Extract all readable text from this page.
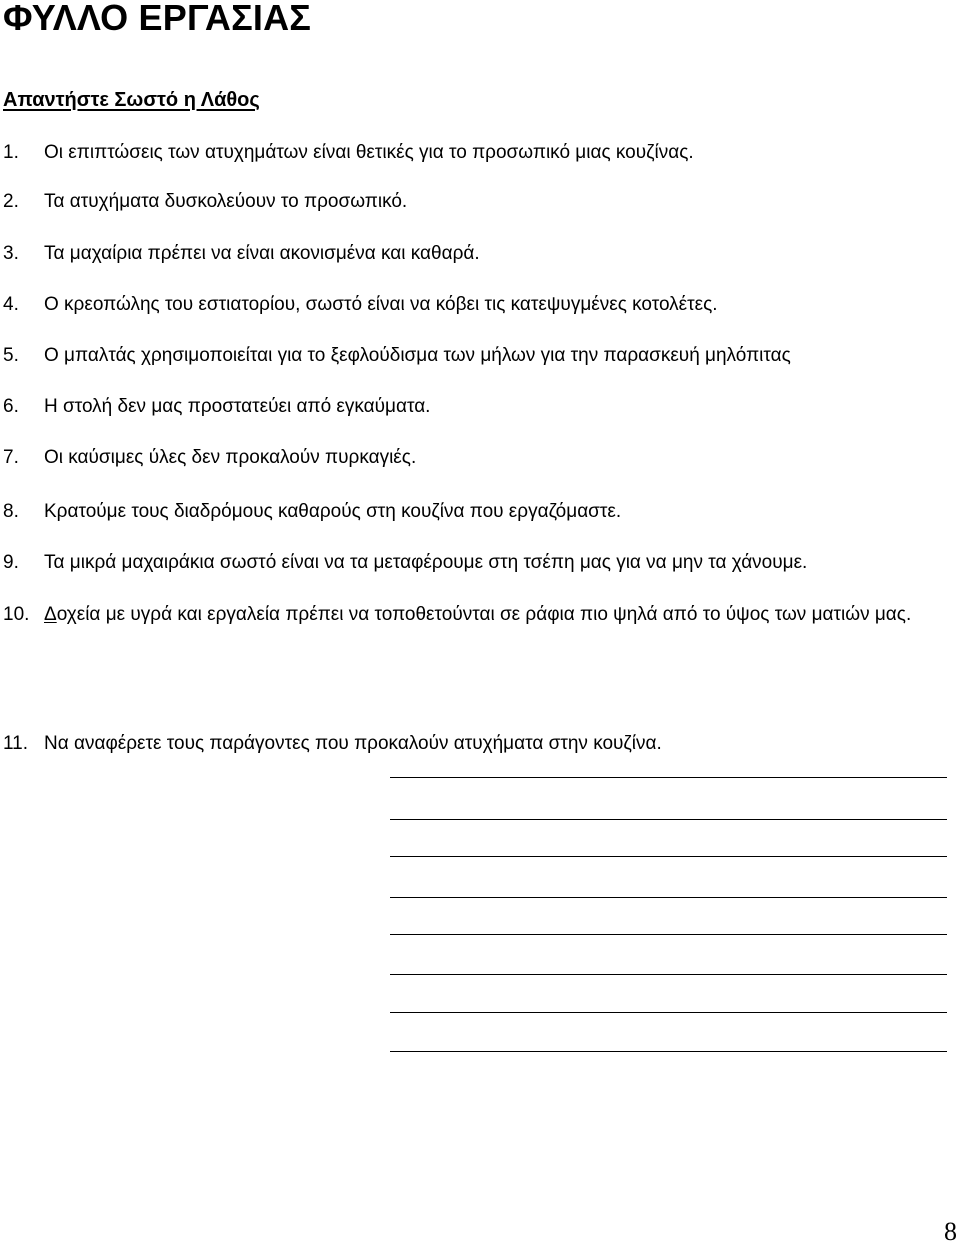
ΦΥΛΛΟ ΕΡΓΑΣΙΑΣ
Απαντήστε Σωστό η Λάθος
1. Οι επιπτώσεις των ατυχημάτων είναι θετικές για το προσωπικό μιας κουζίνας.
2. Τα ατυχήματα δυσκολεύουν το προσωπικό.
3. Τα μαχαίρια πρέπει να είναι ακονισμένα και καθαρά.
4. Ο κρεοπώλης του εστιατορίου, σωστό είναι να κόβει τις κατεψυγμένες κοτολέτες.
5. Ο μπαλτάς χρησιμοποιείται για το ξεφλούδισμα των μήλων για την παρασκευή μηλόπιτας
6. Η στολή δεν μας προστατεύει από εγκαύματα.
7. Οι καύσιμες ύλες δεν προκαλούν πυρκαγιές.
8. Κρατούμε τους διαδρόμους καθαρούς στη κουζίνα που εργαζόμαστε.
9. Τα μικρά μαχαιράκια σωστό είναι να τα μεταφέρουμε στη τσέπη μας για να μην τα χάνουμε.
10. Δοχεία με υγρά και εργαλεία πρέπει να τοποθετούνται σε ράφια πιο ψηλά από το ύψος των ματιών μας.
11. Να αναφέρετε τους παράγοντες που προκαλούν ατυχήματα στην κουζίνα.
8
